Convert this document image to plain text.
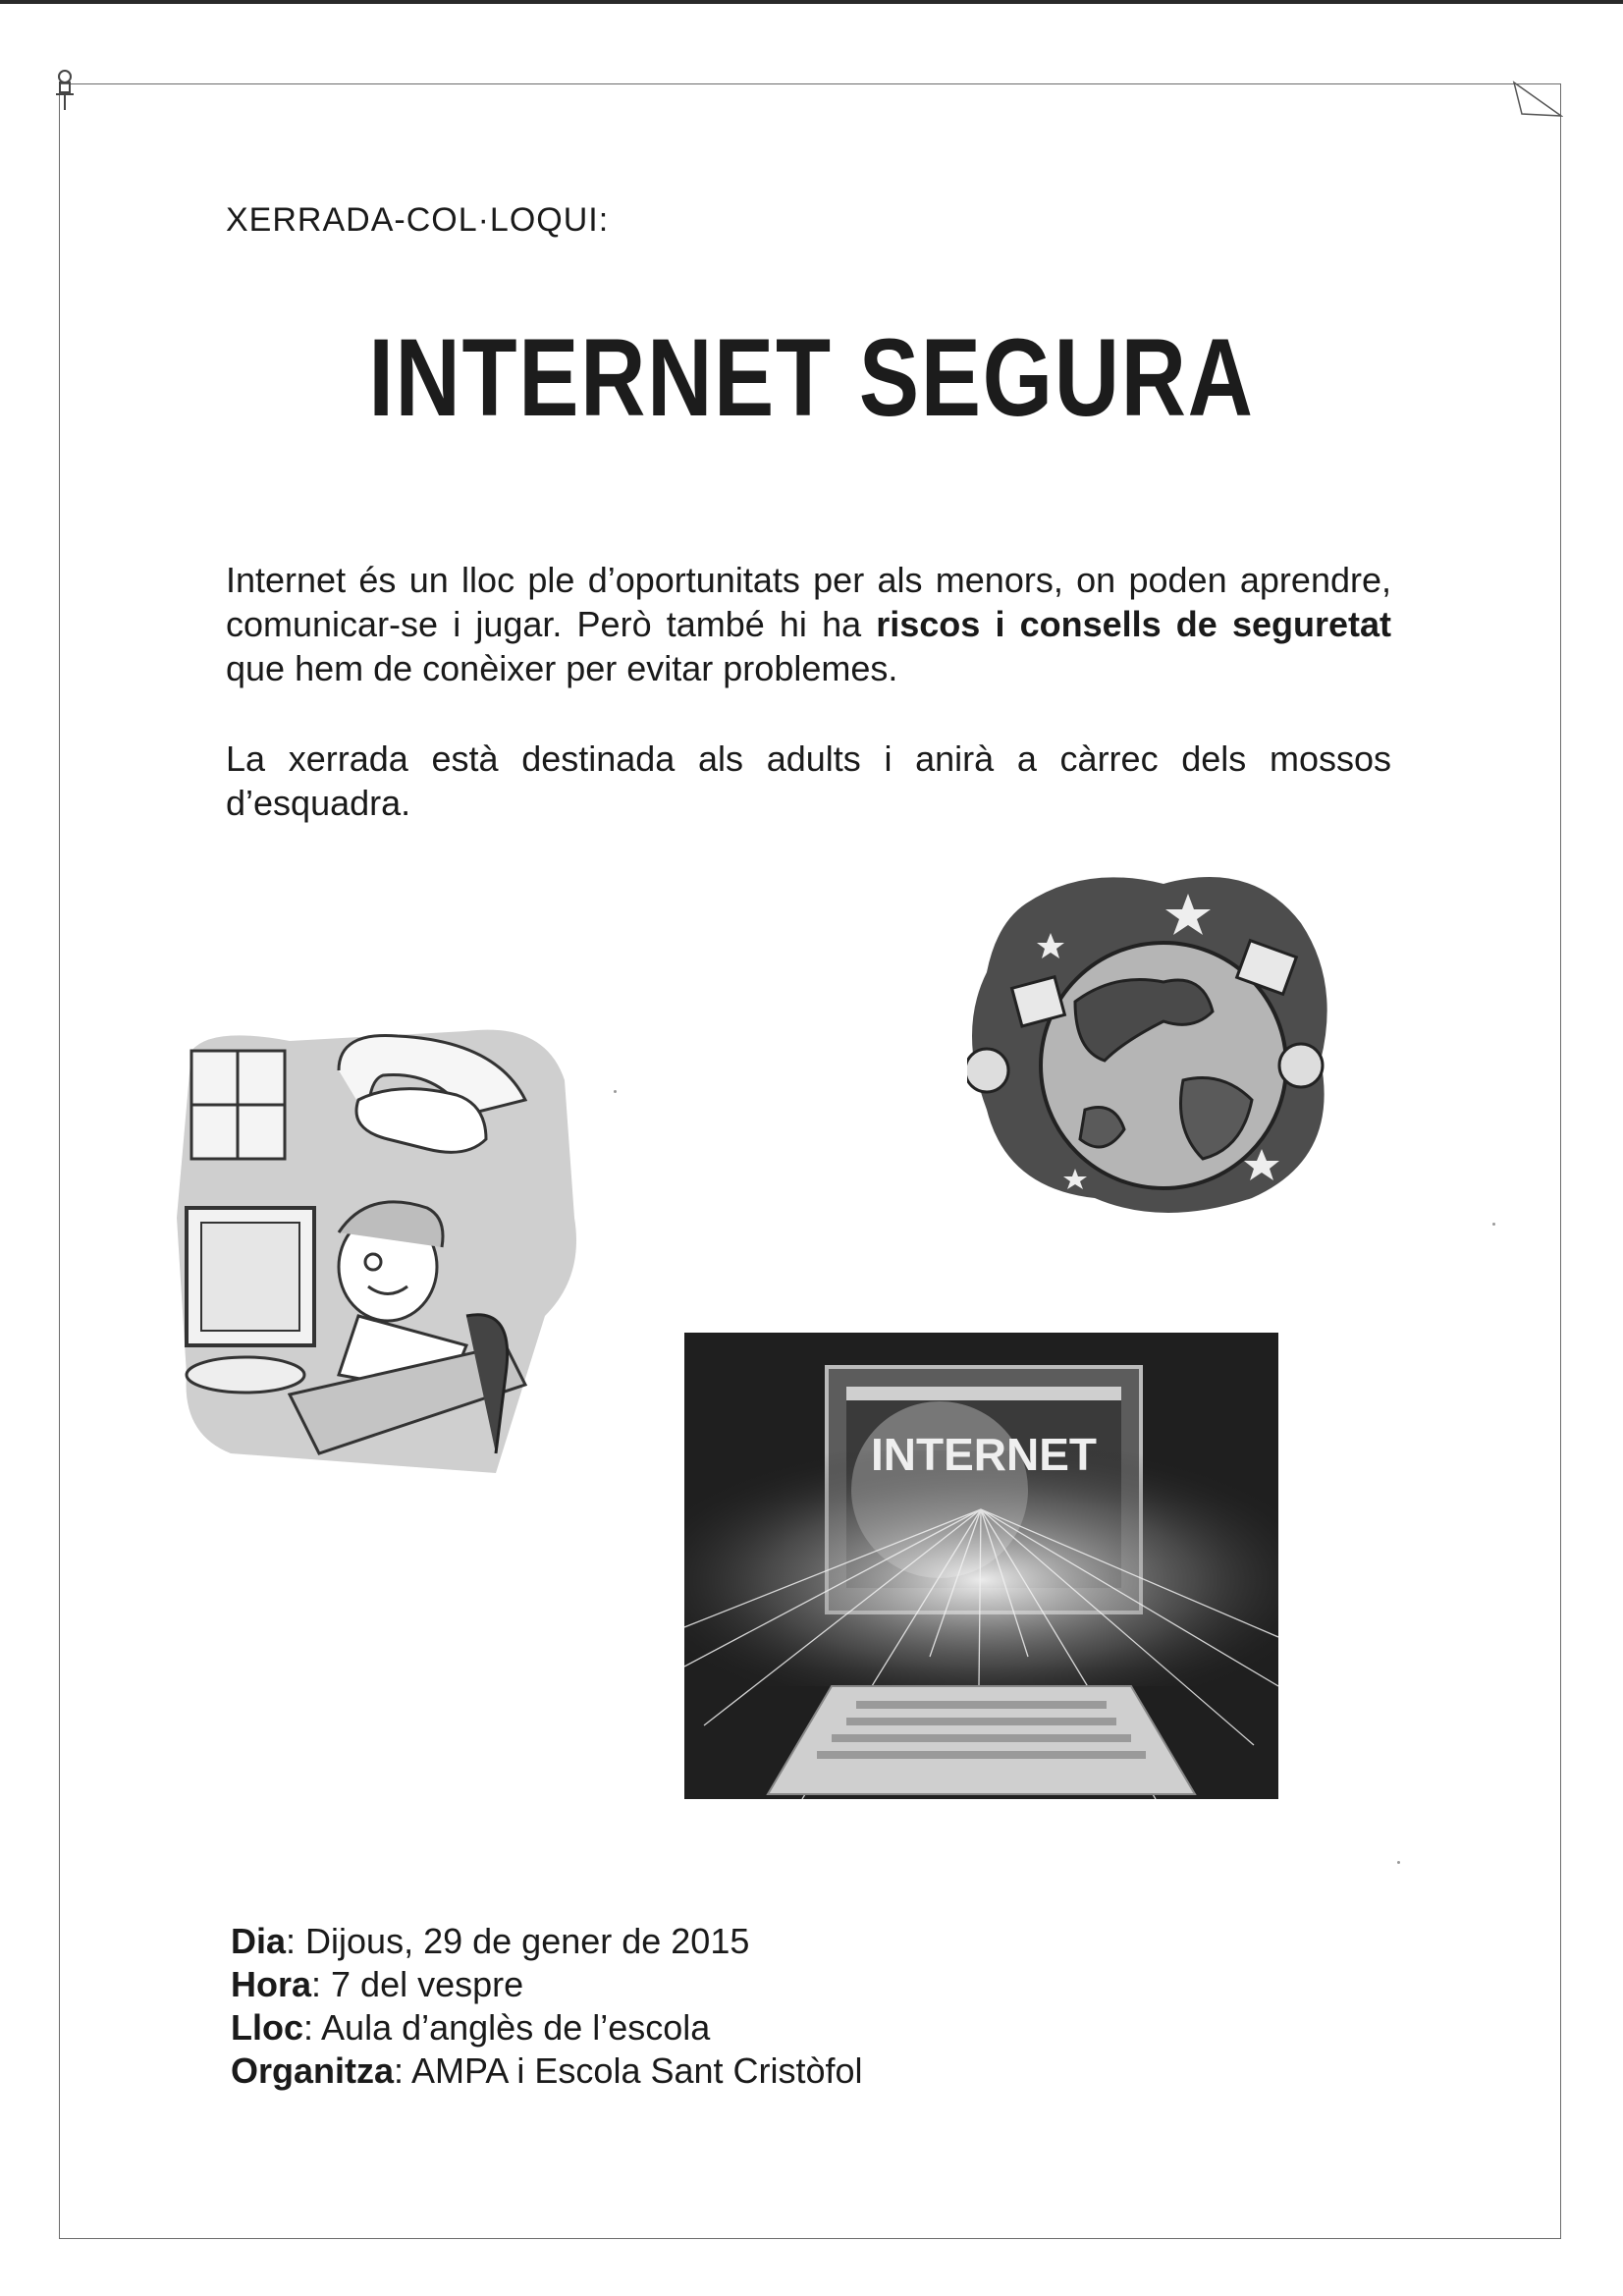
XERRADA-COL·LOQUI:

INTERNET SEGURA

Internet és un lloc ple d’oportunitats per als menors, on poden aprendre, comunicar-se i jugar. Però també hi ha riscos i consells de seguretat que hem de conèixer per evitar problemes.

La xerrada està destinada als adults i anirà a càrrec dels mossos d’esquadra.

INTERNET

Dia: Dijous, 29 de gener de 2015
Hora: 7 del vespre
Lloc: Aula d’anglès de l’escola
Organitza: AMPA i Escola Sant Cristòfol
